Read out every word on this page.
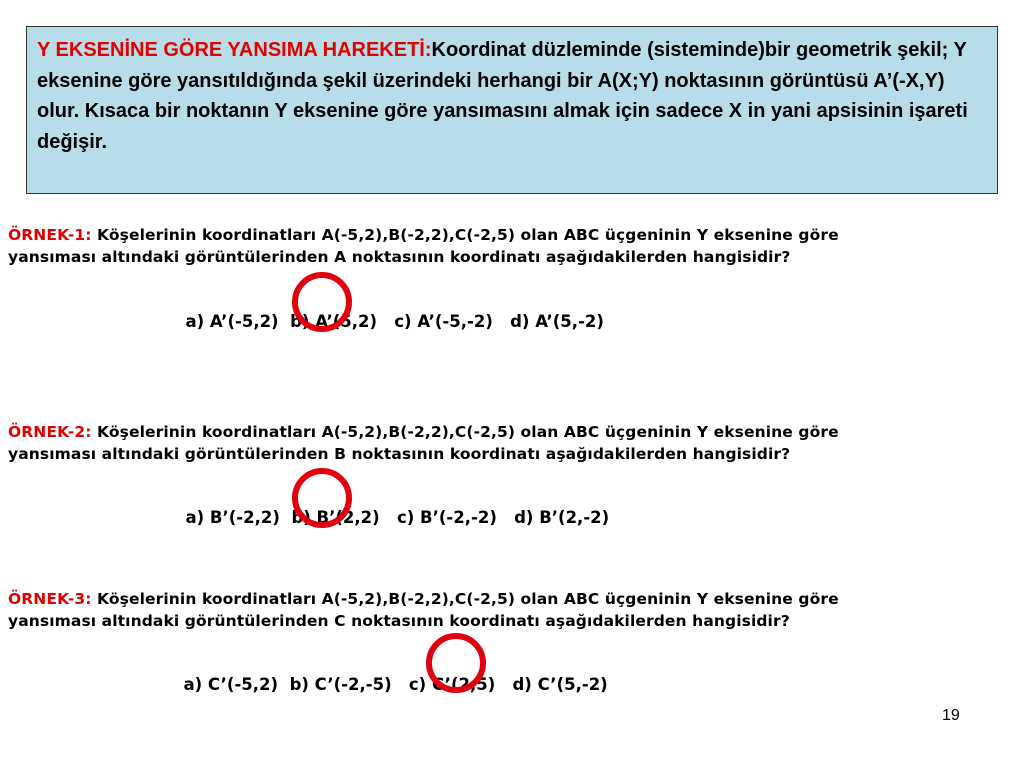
Y EKSENİNE GÖRE YANSIMA HAREKETİ:Koordinat düzleminde (sisteminde)bir geometrik şekil; Y eksenine göre yansıtıldığında şekil üzerindeki herhangi bir A(X;Y) noktasının görüntüsü A’(-X,Y) olur. Kısaca bir noktanın Y eksenine göre yansımasını almak için sadece X in yani apsisinin işareti değişir.
ÖRNEK-1: Köşelerinin koordinatları A(-5,2),B(-2,2),C(-2,5) olan ABC üçgeninin Y eksenine göre
yansıması altındaki görüntülerinden A noktasının koordinatı aşağıdakilerden hangisidir?

a) A’(-5,2) b) A’(5,2) c) A’(-5,-2) d) A’(5,-2)

ÖRNEK-2: Köşelerinin koordinatları A(-5,2),B(-2,2),C(-2,5) olan ABC üçgeninin Y eksenine göre
yansıması altındaki görüntülerinden B noktasının koordinatı aşağıdakilerden hangisidir?

a) B’(-2,2) b) B’(2,2) c) B’(-2,-2) d) B’(2,-2)

ÖRNEK-3: Köşelerinin koordinatları A(-5,2),B(-2,2),C(-2,5) olan ABC üçgeninin Y eksenine göre
yansıması altındaki görüntülerinden C noktasının koordinatı aşağıdakilerden hangisidir?

a) C’(-5,2) b) C’(-2,-5) c) C’(2,5) d) C’(5,-2)

19
